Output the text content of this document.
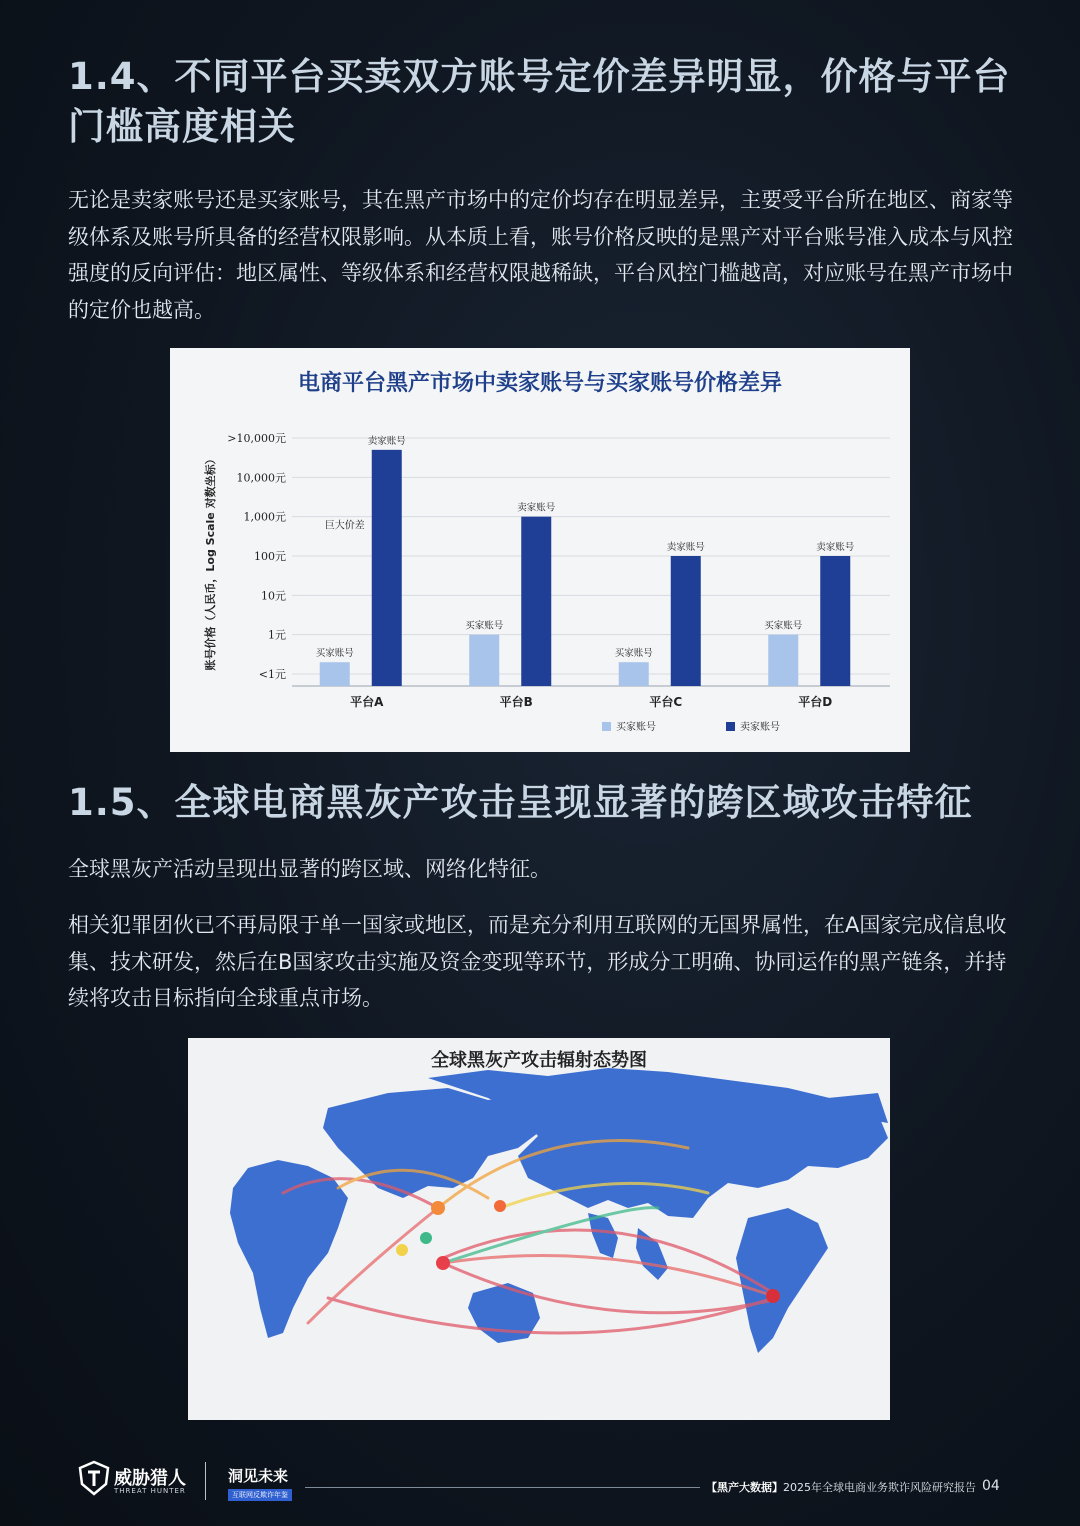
1.4、不同平台买卖双方账号定价差异明显，价格与平台门槛高度相关

无论是卖家账号还是买家账号，其在黑产市场中的定价均存在明显差异，主要受平台所在地区、商家等级体系及账号所具备的经营权限影响。从本质上看，账号价格反映的是黑产对平台账号准入成本与风控强度的反向评估：地区属性、等级体系和经营权限越稀缺，平台风控门槛越高，对应账号在黑产市场中的定价也越高。

电商平台黑产市场中卖家账号与买家账号价格差异
<1元
1元
10元
100元
1,000元
10,000元
>10,000元
账号价格（人民币，Log Scale 对数坐标）	买家账号
卖家账号
平台A
买家账号
卖家账号
平台B
买家账号
卖家账号
平台C
买家账号
卖家账号
平台D
巨大价差
买家账号	卖家账号
1.5、全球电商黑灰产攻击呈现显著的跨区域攻击特征

全球黑灰产活动呈现出显著的跨区域、网络化特征。

相关犯罪团伙已不再局限于单一国家或地区，而是充分利用互联网的无国界属性，在A国家完成信息收集、技术研发，然后在B国家攻击实施及资金变现等环节，形成分工明确、协同运作的黑产链条，并持续将攻击目标指向全球重点市场。

全球黑灰产攻击辐射态势图
威胁猎人
THREAT HUNTER
洞见未来
互联网反欺诈年鉴
【黑产大数据】2025年全球电商业务欺诈风险研究报告 04
